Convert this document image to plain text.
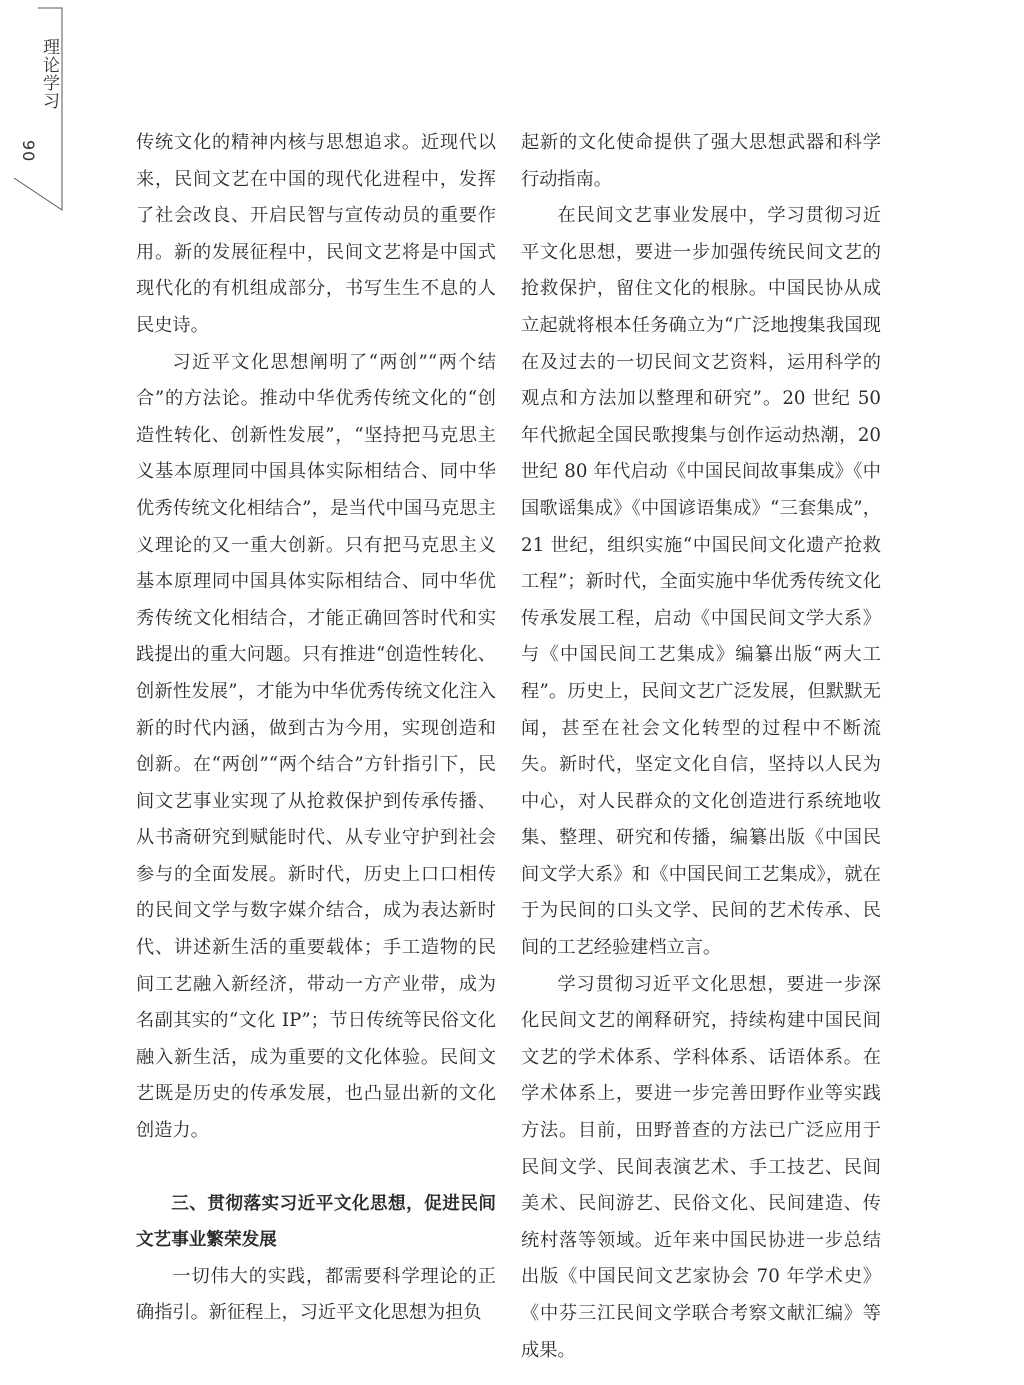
理论学习
90	传统文化的精神内核与思想追求。近现代以来，民间文艺在中国的现代化进程中，发挥了社会改良、开启民智与宣传动员的重要作用。新的发展征程中，民间文艺将是中国式现代化的有机组成部分，书写生生不息的人民史诗。

习近平文化思想阐明了“两创”“两个结合”的方法论。推动中华优秀传统文化的“创造性转化、创新性发展”，“坚持把马克思主义基本原理同中国具体实际相结合、同中华优秀传统文化相结合”，是当代中国马克思主义理论的又一重大创新。只有把马克思主义基本原理同中国具体实际相结合、同中华优秀传统文化相结合，才能正确回答时代和实践提出的重大问题。只有推进“创造性转化、创新性发展”，才能为中华优秀传统文化注入新的时代内涵，做到古为今用，实现创造和创新。在“两创”“两个结合”方针指引下，民间文艺事业实现了从抢救保护到传承传播、从书斋研究到赋能时代、从专业守护到社会参与的全面发展。新时代，历史上口口相传的民间文学与数字媒介结合，成为表达新时代、讲述新生活的重要载体；手工造物的民间工艺融入新经济，带动一方产业带，成为名副其实的“文化 IP”；节日传统等民俗文化融入新生活，成为重要的文化体验。民间文艺既是历史的传承发展，也凸显出新的文化创造力。

三、贯彻落实习近平文化思想，促进民间文艺事业繁荣发展

一切伟大的实践，都需要科学理论的正确指引。新征程上，习近平文化思想为担负

起新的文化使命提供了强大思想武器和科学行动指南。

在民间文艺事业发展中，学习贯彻习近平文化思想，要进一步加强传统民间文艺的抢救保护，留住文化的根脉。中国民协从成立起就将根本任务确立为“广泛地搜集我国现在及过去的一切民间文艺资料，运用科学的观点和方法加以整理和研究”。20 世纪 50 年代掀起全国民歌搜集与创作运动热潮，20 世纪 80 年代启动《中国民间故事集成》《中国歌谣集成》《中国谚语集成》“三套集成”，21 世纪，组织实施“中国民间文化遗产抢救工程”；新时代，全面实施中华优秀传统文化传承发展工程，启动《中国民间文学大系》与《中国民间工艺集成》编纂出版“两大工程”。历史上，民间文艺广泛发展，但默默无闻，甚至在社会文化转型的过程中不断流失。新时代，坚定文化自信，坚持以人民为中心，对人民群众的文化创造进行系统地收集、整理、研究和传播，编纂出版《中国民间文学大系》和《中国民间工艺集成》，就在于为民间的口头文学、民间的艺术传承、民间的工艺经验建档立言。

学习贯彻习近平文化思想，要进一步深化民间文艺的阐释研究，持续构建中国民间文艺的学术体系、学科体系、话语体系。在学术体系上，要进一步完善田野作业等实践方法。目前，田野普查的方法已广泛应用于民间文学、民间表演艺术、手工技艺、民间美术、民间游艺、民俗文化、民间建造、传统村落等领域。近年来中国民协进一步总结出版《中国民间文艺家协会 70 年学术史》《中芬三江民间文学联合考察文献汇编》等成果。
